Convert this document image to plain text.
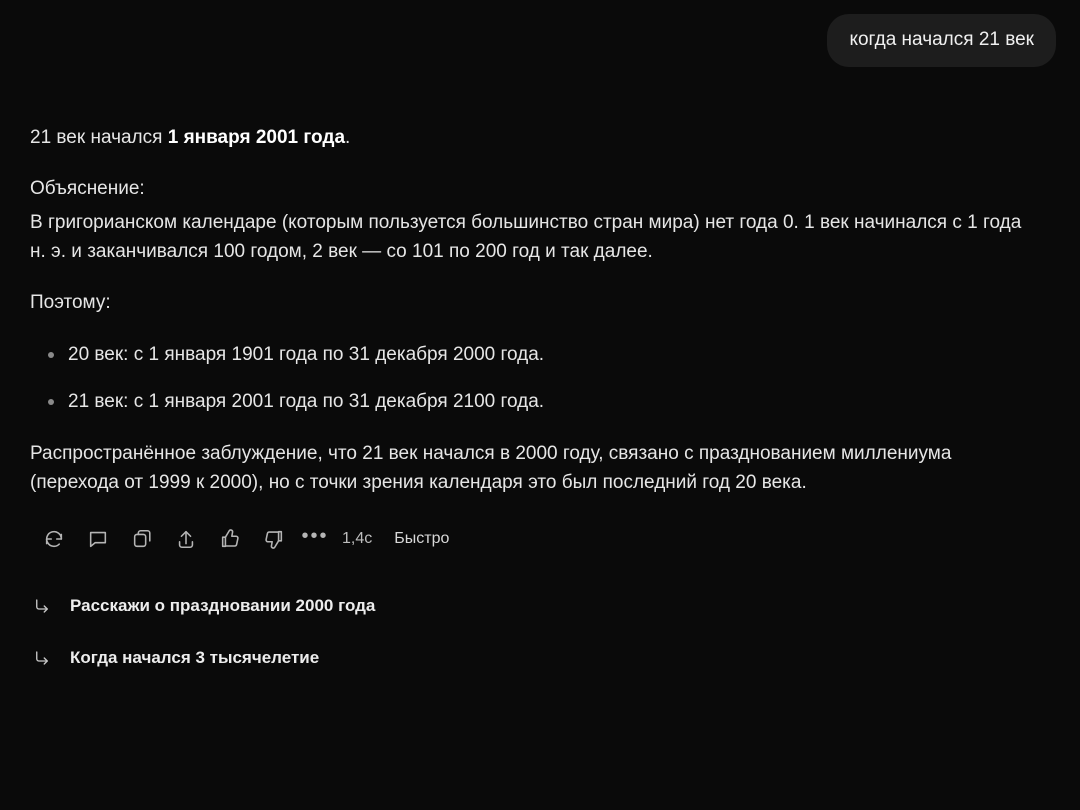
когда начался 21 век

21 век начался 1 января 2001 года.

Объяснение:

В григорианском календаре (которым пользуется большинство стран мира) нет года 0. 1 век начинался с 1 года н. э. и заканчивался 100 годом, 2 век — со 101 по 200 год и так далее.

Поэтому:

20 век: с 1 января 1901 года по 31 декабря 2000 года.
21 век: с 1 января 2001 года по 31 декабря 2100 года.

Распространённое заблуждение, что 21 век начался в 2000 году, связано с празднованием миллениума (перехода от 1999 к 2000), но с точки зрения календаря это был последний год 20 века.

••• 1,4с Быстро
Расскажи о праздновании 2000 года
Когда начался 3 тысячелетие
